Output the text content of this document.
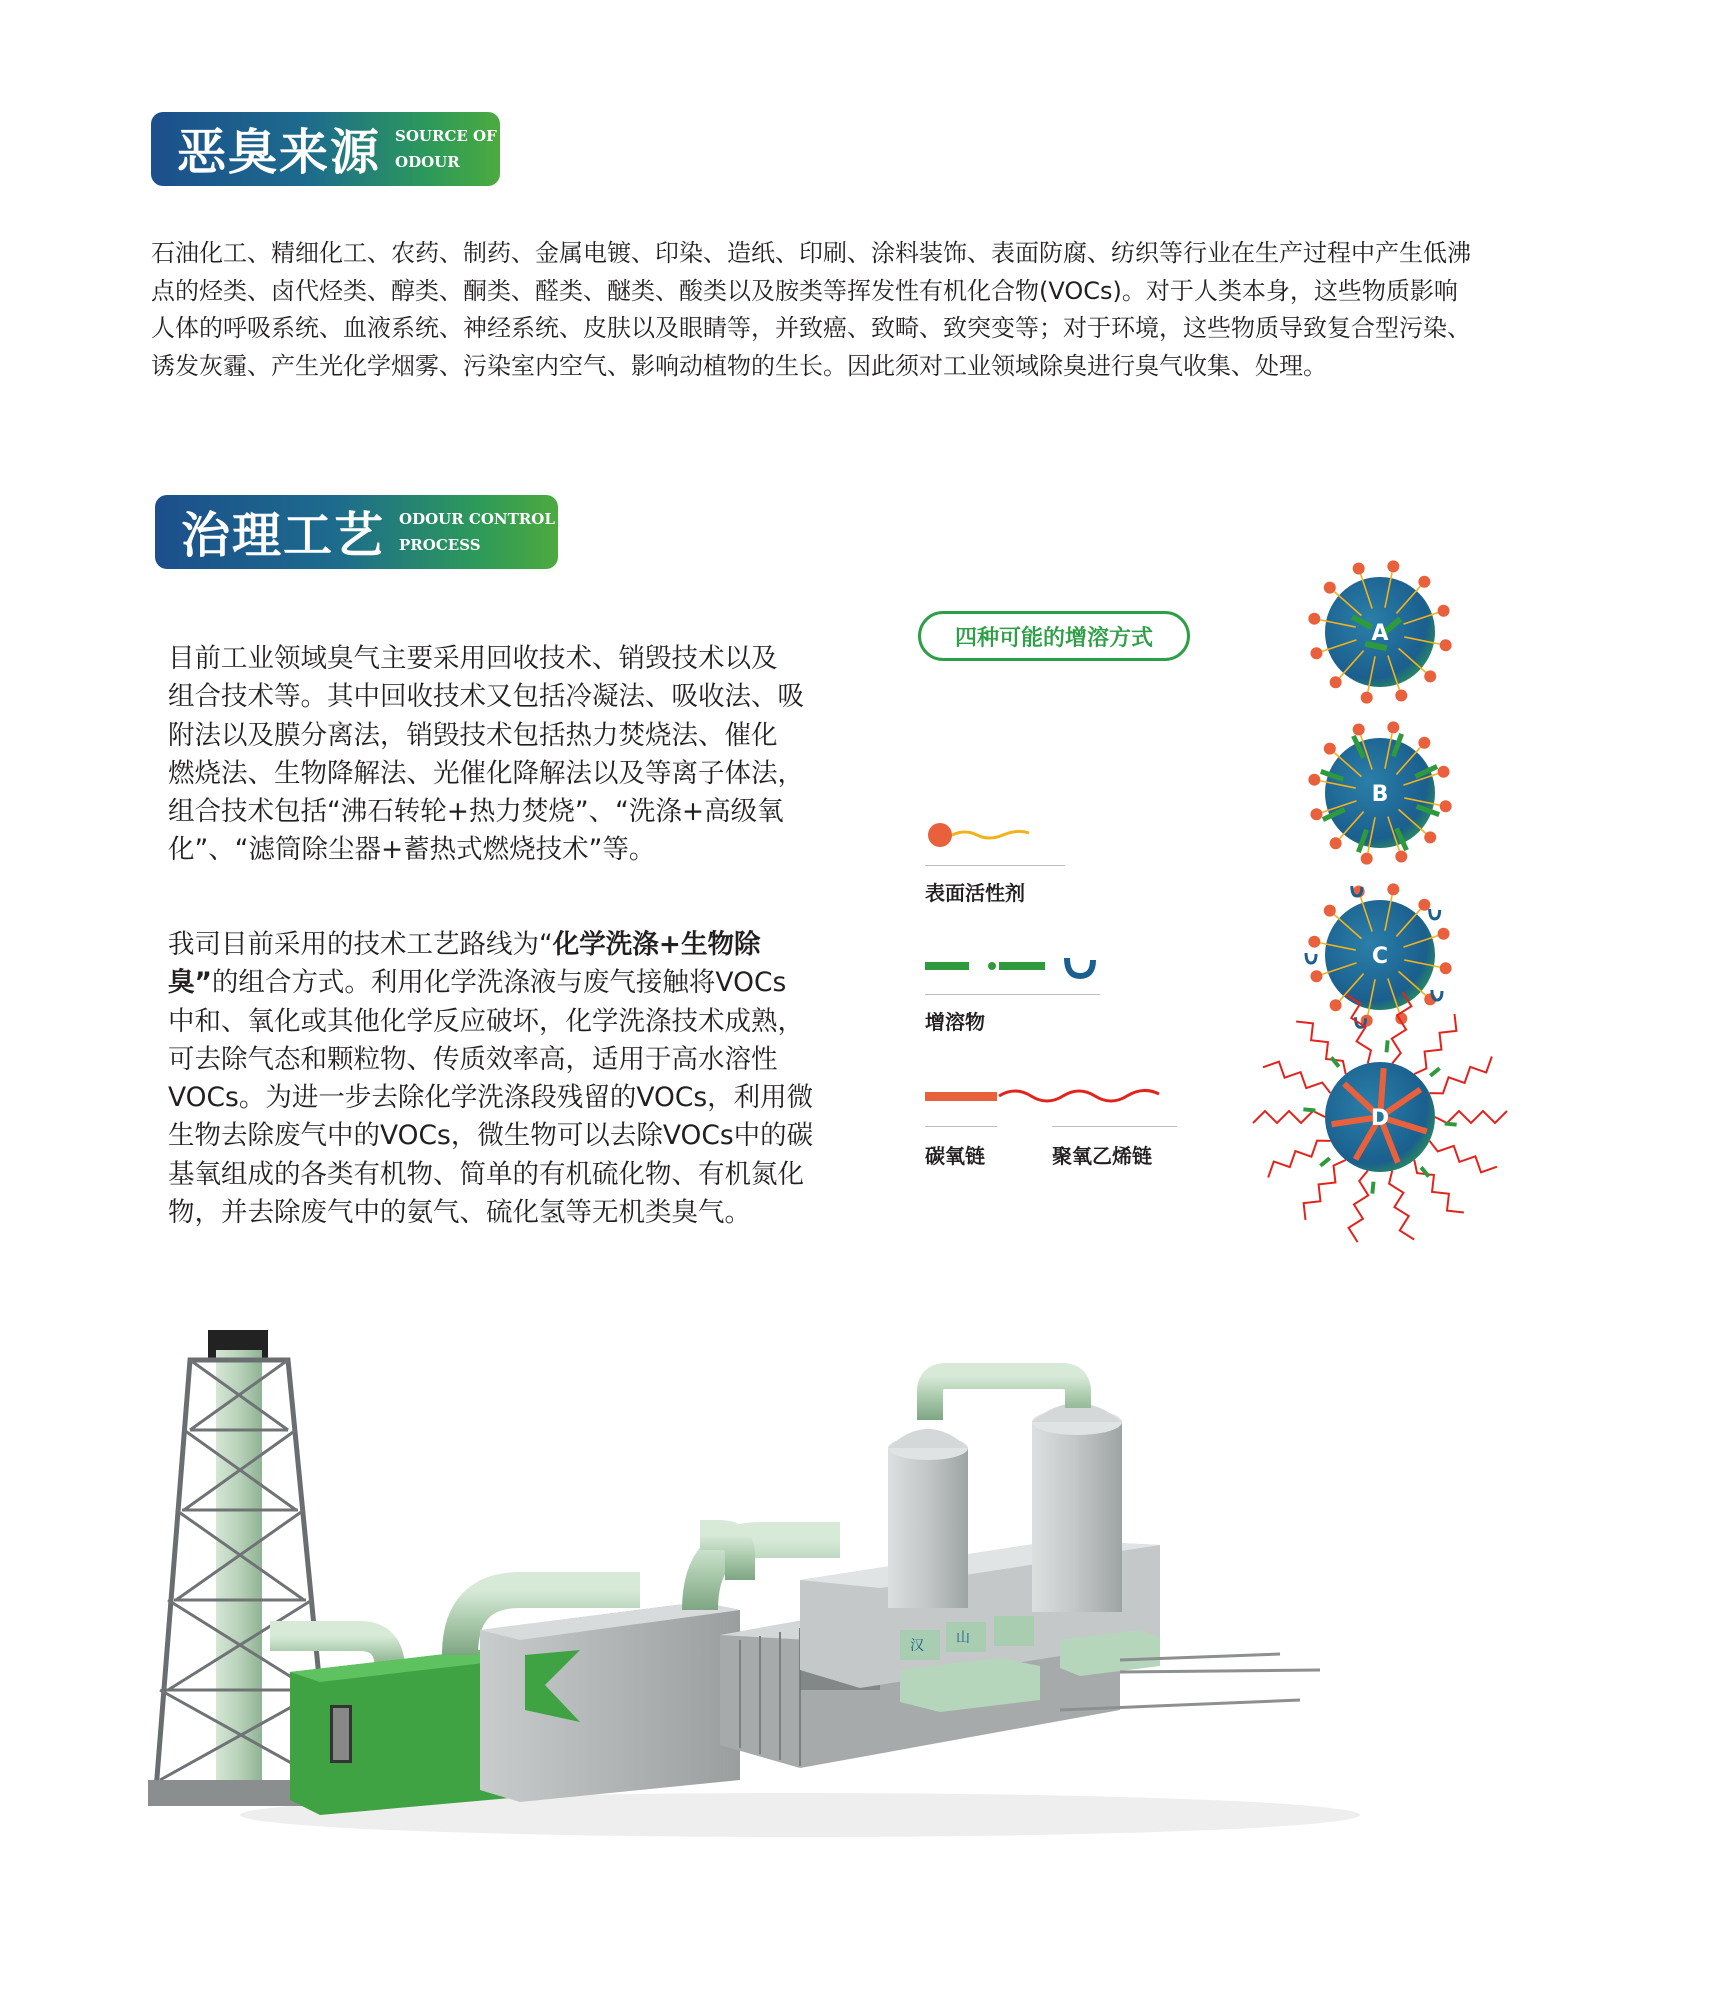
恶臭来源 SOURCE OF
ODOUR
石油化工、精细化工、农药、制药、金属电镀、印染、造纸、印刷、涂料装饰、表面防腐、纺织等行业在生产过程中产生低沸
点的烃类、卤代烃类、醇类、酮类、醛类、醚类、酸类以及胺类等挥发性有机化合物(VOCs)。对于人类本身，这些物质影响
人体的呼吸系统、血液系统、神经系统、皮肤以及眼睛等，并致癌、致畸、致突变等；对于环境，这些物质导致复合型污染、
诱发灰霾、产生光化学烟雾、污染室内空气、影响动植物的生长。因此须对工业领域除臭进行臭气收集、处理。
治理工艺 ODOUR CONTROL
PROCESS
目前工业领域臭气主要采用回收技术、销毁技术以及
组合技术等。其中回收技术又包括冷凝法、吸收法、吸
附法以及膜分离法，销毁技术包括热力焚烧法、催化
燃烧法、生物降解法、光催化降解法以及等离子体法，
组合技术包括“沸石转轮+热力焚烧”、“洗涤+高级氧
化”、“滤筒除尘器+蓄热式燃烧技术”等。
我司目前采用的技术工艺路线为“化学洗涤+生物除
臭”的组合方式。利用化学洗涤液与废气接触将VOCs
中和、氧化或其他化学反应破坏，化学洗涤技术成熟，
可去除气态和颗粒物、传质效率高，适用于高水溶性
VOCs。为进一步去除化学洗涤段残留的VOCs，利用微
生物去除废气中的VOCs，微生物可以去除VOCs中的碳
基氧组成的各类有机物、简单的有机硫化物、有机氮化
物，并去除废气中的氨气、硫化氢等无机类臭气。
四种可能的增溶方式
表面活性剂
增溶物
碳氧链	聚氧乙烯链
A
B
C
D
汉 山
